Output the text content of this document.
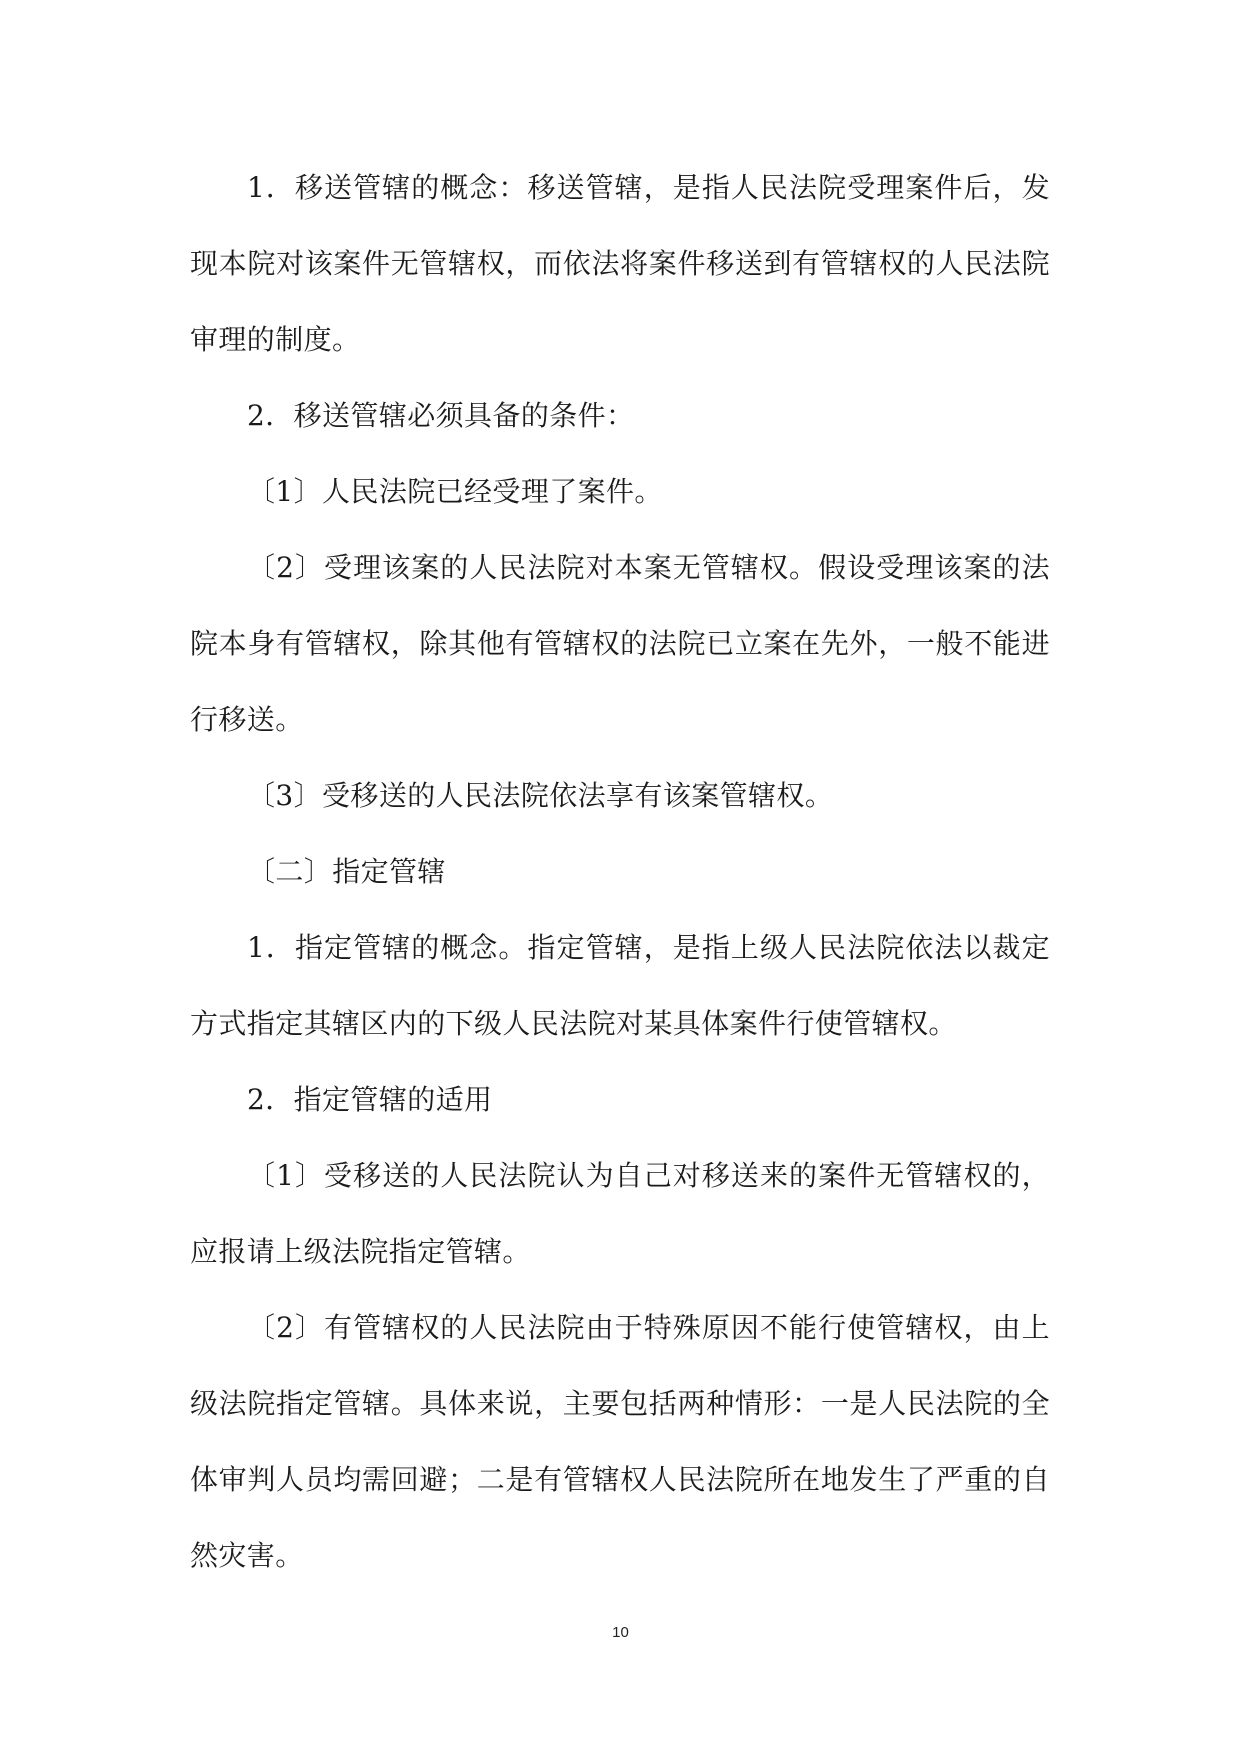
1．移送管辖的概念：移送管辖，是指人民法院受理案件后，发现本院对该案件无管辖权，而依法将案件移送到有管辖权的人民法院审理的制度。

2．移送管辖必须具备的条件：

〔1〕人民法院已经受理了案件。

〔2〕受理该案的人民法院对本案无管辖权。假设受理该案的法院本身有管辖权，除其他有管辖权的法院已立案在先外，一般不能进行移送。

〔3〕受移送的人民法院依法享有该案管辖权。

〔二〕指定管辖

1．指定管辖的概念。指定管辖，是指上级人民法院依法以裁定方式指定其辖区内的下级人民法院对某具体案件行使管辖权。

2．指定管辖的适用

〔1〕受移送的人民法院认为自己对移送来的案件无管辖权的，应报请上级法院指定管辖。

〔2〕有管辖权的人民法院由于特殊原因不能行使管辖权，由上级法院指定管辖。具体来说，主要包括两种情形：一是人民法院的全体审判人员均需回避；二是有管辖权人民法院所在地发生了严重的自然灾害。

10
